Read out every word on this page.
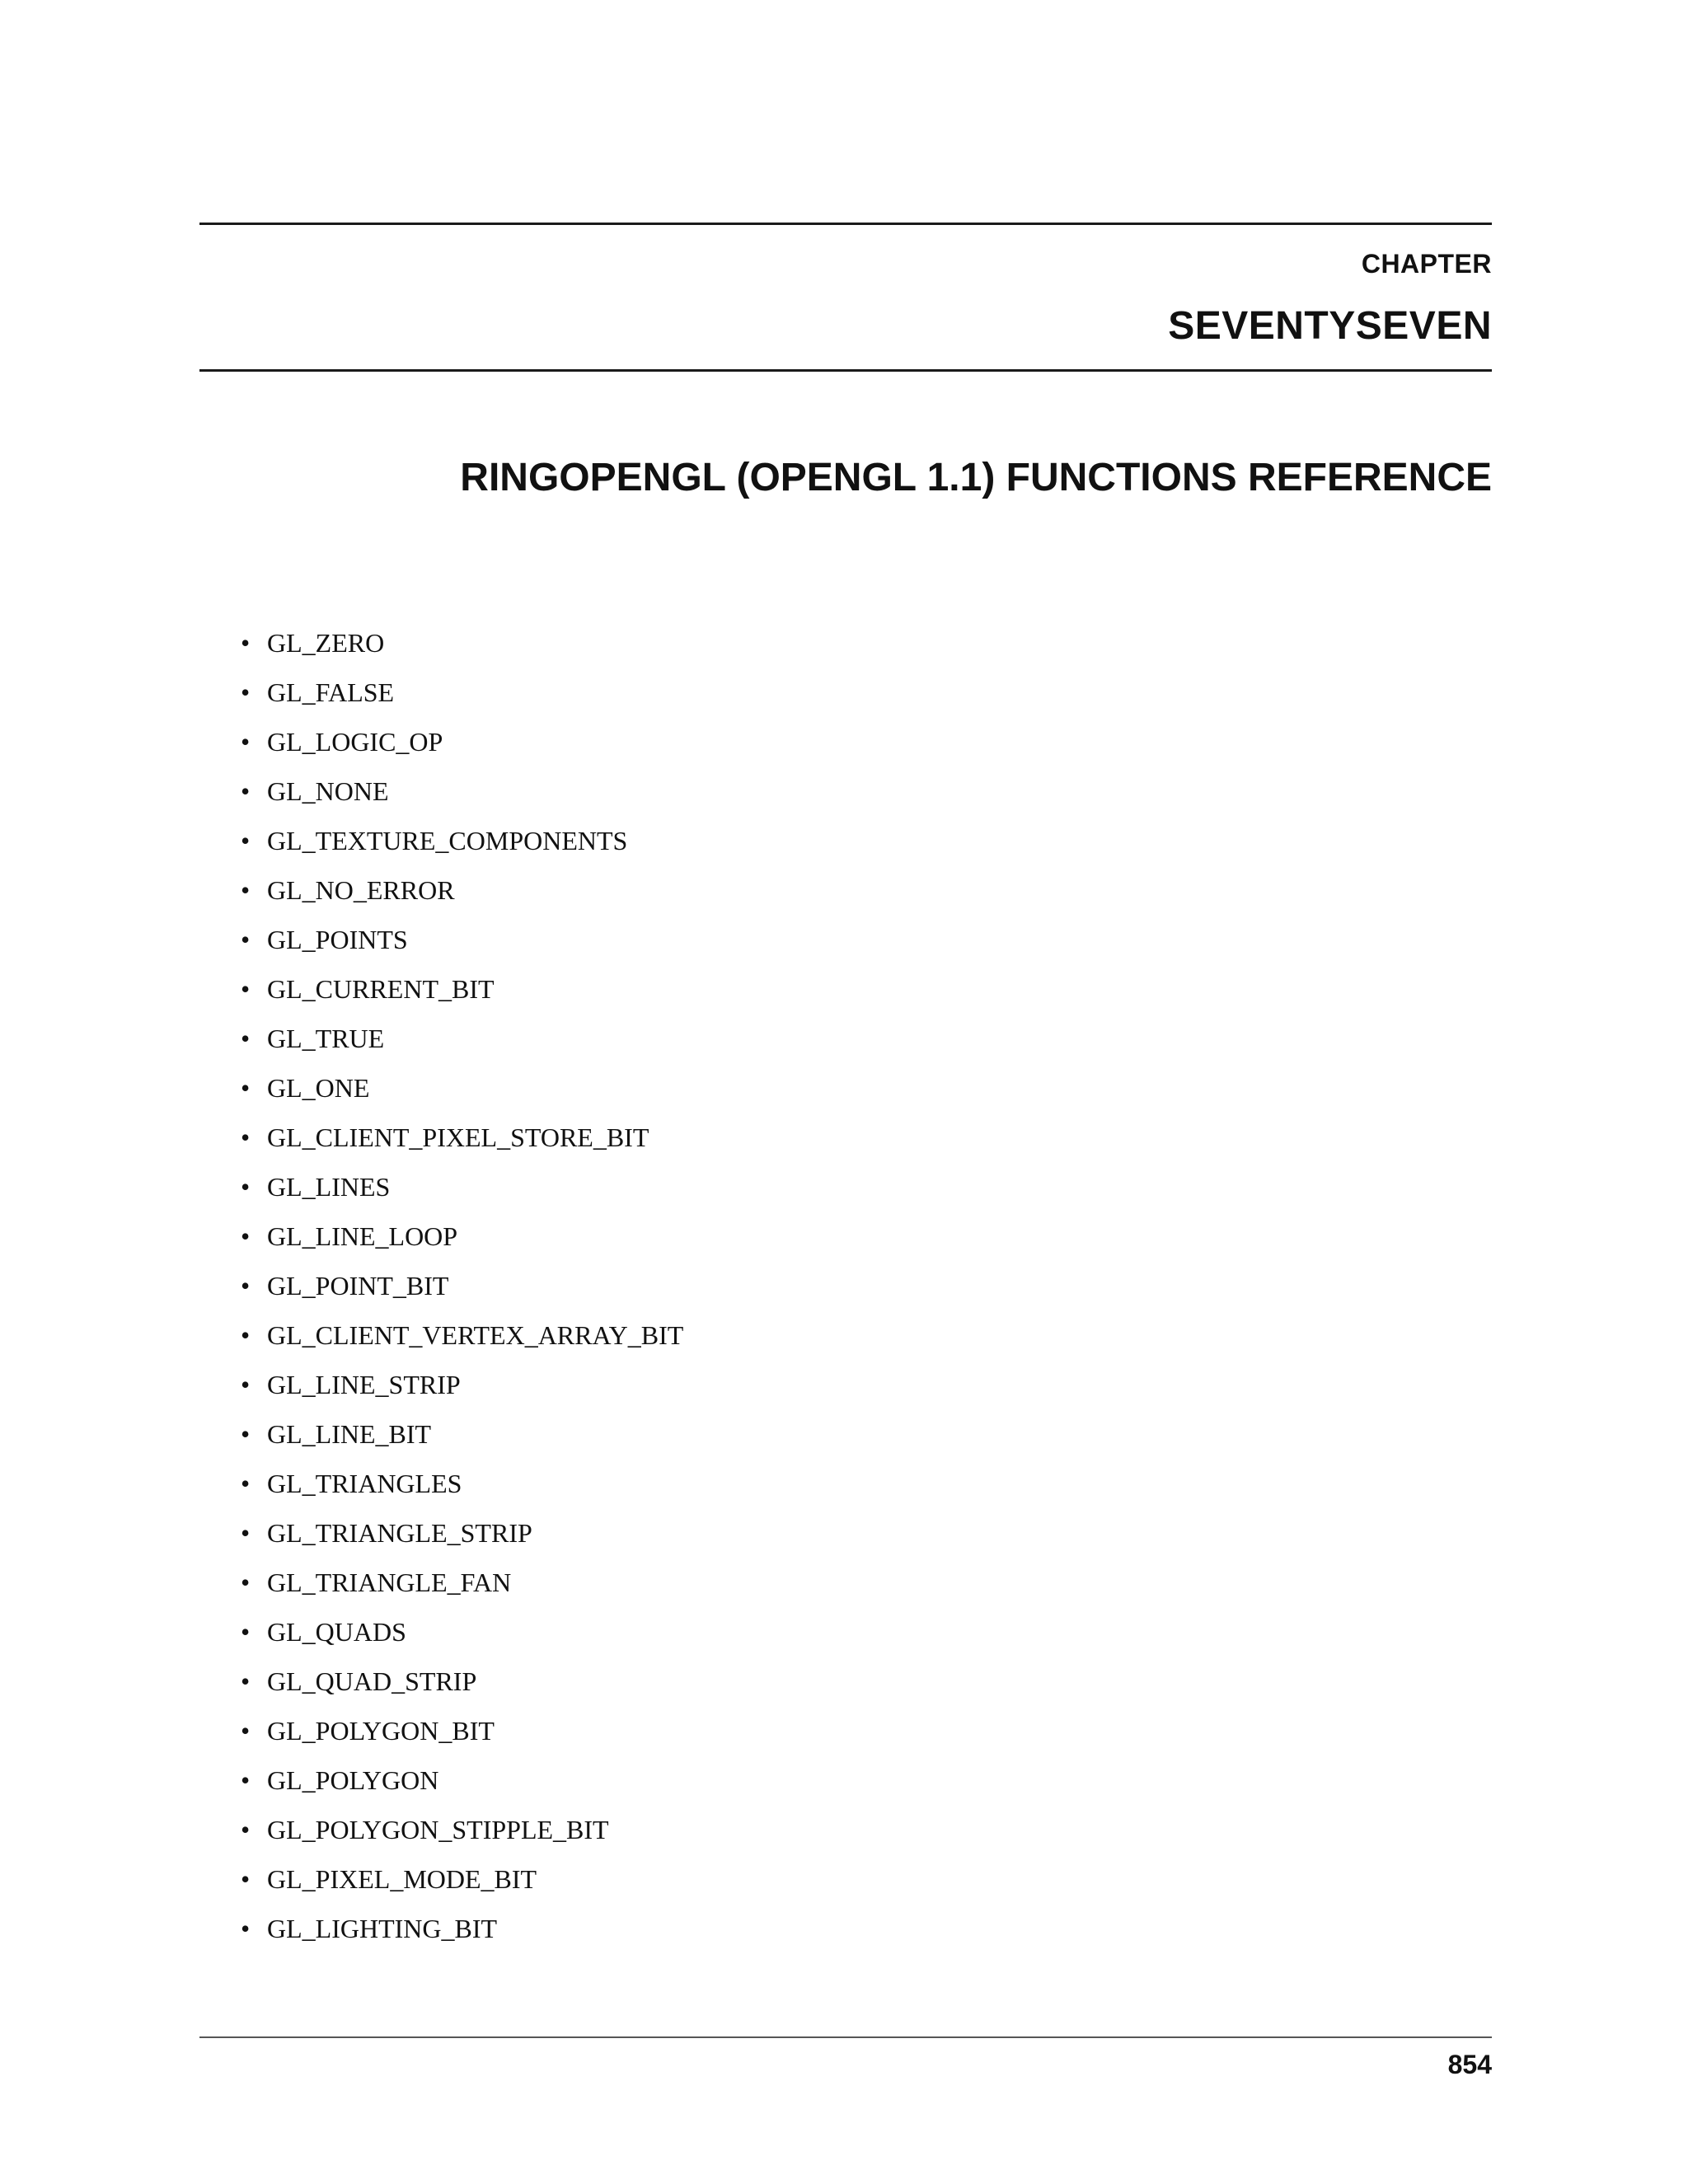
CHAPTER
SEVENTYSEVEN
RINGOPENGL (OPENGL 1.1) FUNCTIONS REFERENCE
• GL_ZERO
• GL_FALSE
• GL_LOGIC_OP
• GL_NONE
• GL_TEXTURE_COMPONENTS
• GL_NO_ERROR
• GL_POINTS
• GL_CURRENT_BIT
• GL_TRUE
• GL_ONE
• GL_CLIENT_PIXEL_STORE_BIT
• GL_LINES
• GL_LINE_LOOP
• GL_POINT_BIT
• GL_CLIENT_VERTEX_ARRAY_BIT
• GL_LINE_STRIP
• GL_LINE_BIT
• GL_TRIANGLES
• GL_TRIANGLE_STRIP
• GL_TRIANGLE_FAN
• GL_QUADS
• GL_QUAD_STRIP
• GL_POLYGON_BIT
• GL_POLYGON
• GL_POLYGON_STIPPLE_BIT
• GL_PIXEL_MODE_BIT
• GL_LIGHTING_BIT
854
